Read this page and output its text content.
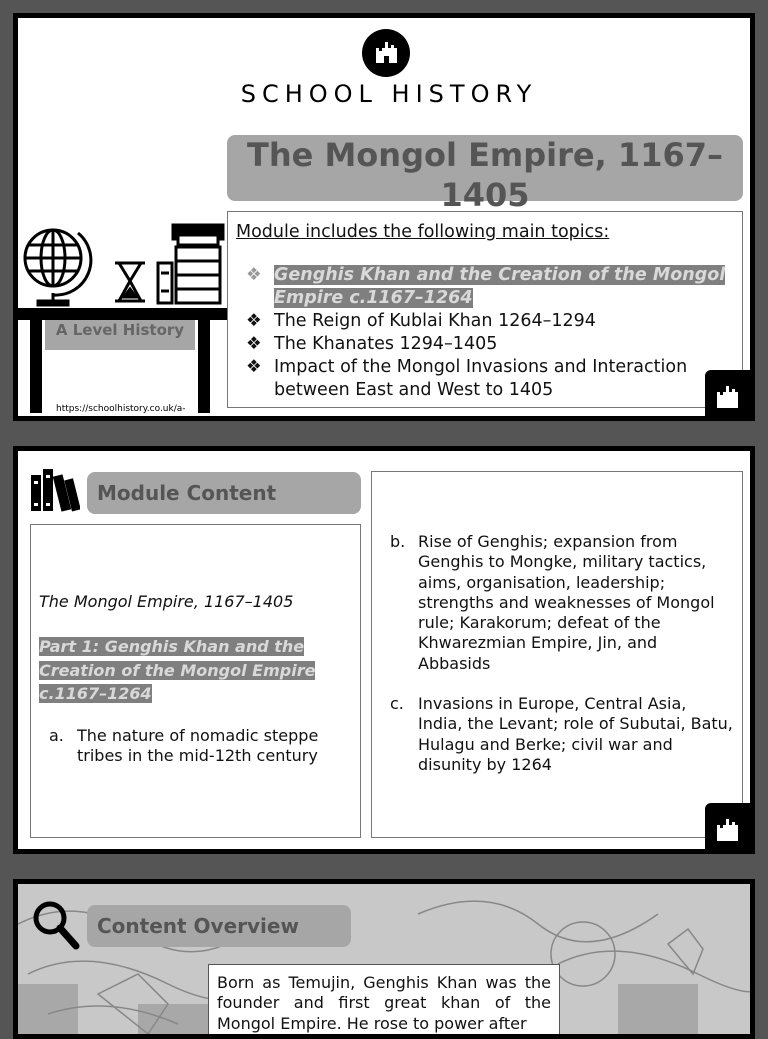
SCHOOL HISTORY
The Mongol Empire, 1167–1405
A Level History
https://schoolhistory.co.uk/a-
Module includes the following main topics:
❖ Genghis Khan and the Creation of the Mongol Empire c.1167–1264
❖ The Reign of Kublai Khan 1264–1294
❖ The Khanates 1294–1405
❖ Impact of the Mongol Invasions and Interaction between East and West to 1405
Module Content
The Mongol Empire, 1167–1405
Part 1: Genghis Khan and the Creation of the Mongol Empire c.1167–1264
a. The nature of nomadic steppe tribes in the mid-12th century
b. Rise of Genghis; expansion from Genghis to Mongke, military tactics, aims, organisation, leadership; strengths and weaknesses of Mongol rule; Karakorum; defeat of the Khwarezmian Empire, Jin, and Abbasids
c. Invasions in Europe, Central Asia, India, the Levant; role of Subutai, Batu, Hulagu and Berke; civil war and disunity by 1264
Content Overview
Born as Temujin, Genghis Khan was the founder and first great khan of the Mongol Empire. He rose to power after
